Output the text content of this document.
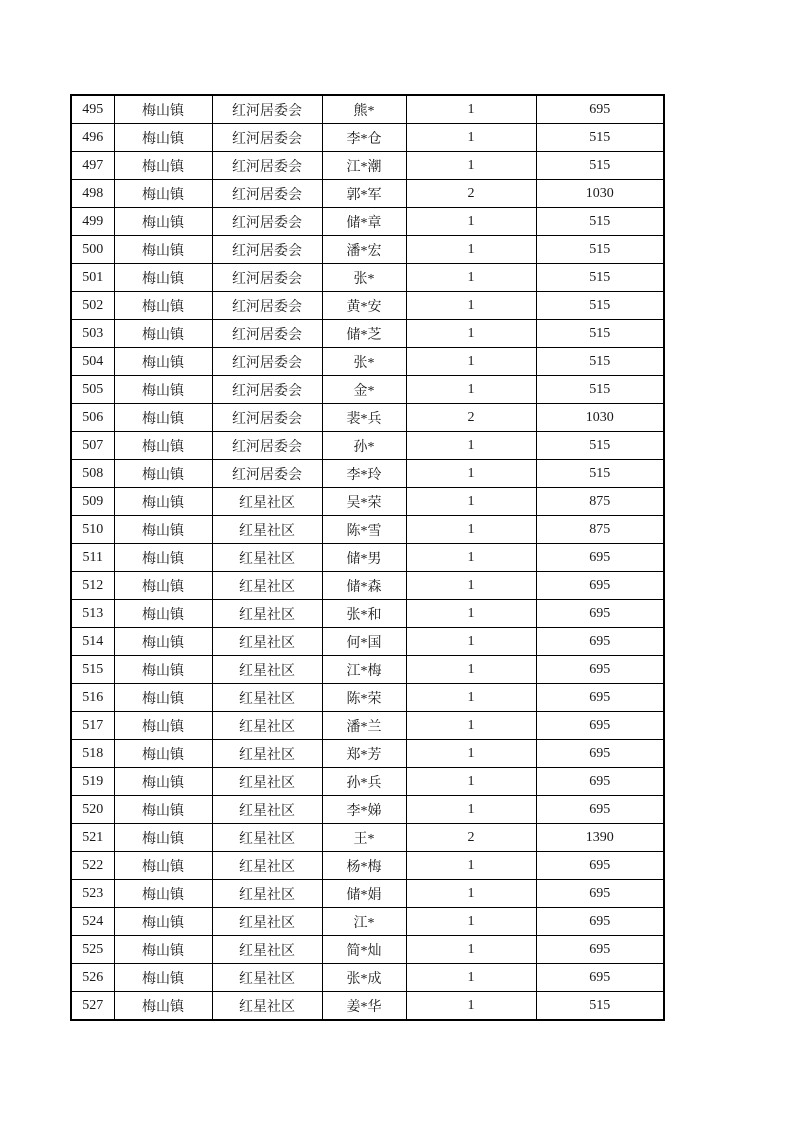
495	梅山镇	红河居委会	熊*	1	695
496	梅山镇	红河居委会	李*仓	1	515
497	梅山镇	红河居委会	江*潮	1	515
498	梅山镇	红河居委会	郭*军	2	1030
499	梅山镇	红河居委会	储*章	1	515
500	梅山镇	红河居委会	潘*宏	1	515
501	梅山镇	红河居委会	张*	1	515
502	梅山镇	红河居委会	黄*安	1	515
503	梅山镇	红河居委会	储*芝	1	515
504	梅山镇	红河居委会	张*	1	515
505	梅山镇	红河居委会	金*	1	515
506	梅山镇	红河居委会	裴*兵	2	1030
507	梅山镇	红河居委会	孙*	1	515
508	梅山镇	红河居委会	李*玲	1	515
509	梅山镇	红星社区	吴*荣	1	875
510	梅山镇	红星社区	陈*雪	1	875
511	梅山镇	红星社区	储*男	1	695
512	梅山镇	红星社区	储*森	1	695
513	梅山镇	红星社区	张*和	1	695
514	梅山镇	红星社区	何*国	1	695
515	梅山镇	红星社区	江*梅	1	695
516	梅山镇	红星社区	陈*荣	1	695
517	梅山镇	红星社区	潘*兰	1	695
518	梅山镇	红星社区	郑*芳	1	695
519	梅山镇	红星社区	孙*兵	1	695
520	梅山镇	红星社区	李*娣	1	695
521	梅山镇	红星社区	王*	2	1390
522	梅山镇	红星社区	杨*梅	1	695
523	梅山镇	红星社区	储*娟	1	695
524	梅山镇	红星社区	江*	1	695
525	梅山镇	红星社区	简*灿	1	695
526	梅山镇	红星社区	张*成	1	695
527	梅山镇	红星社区	姜*华	1	515
